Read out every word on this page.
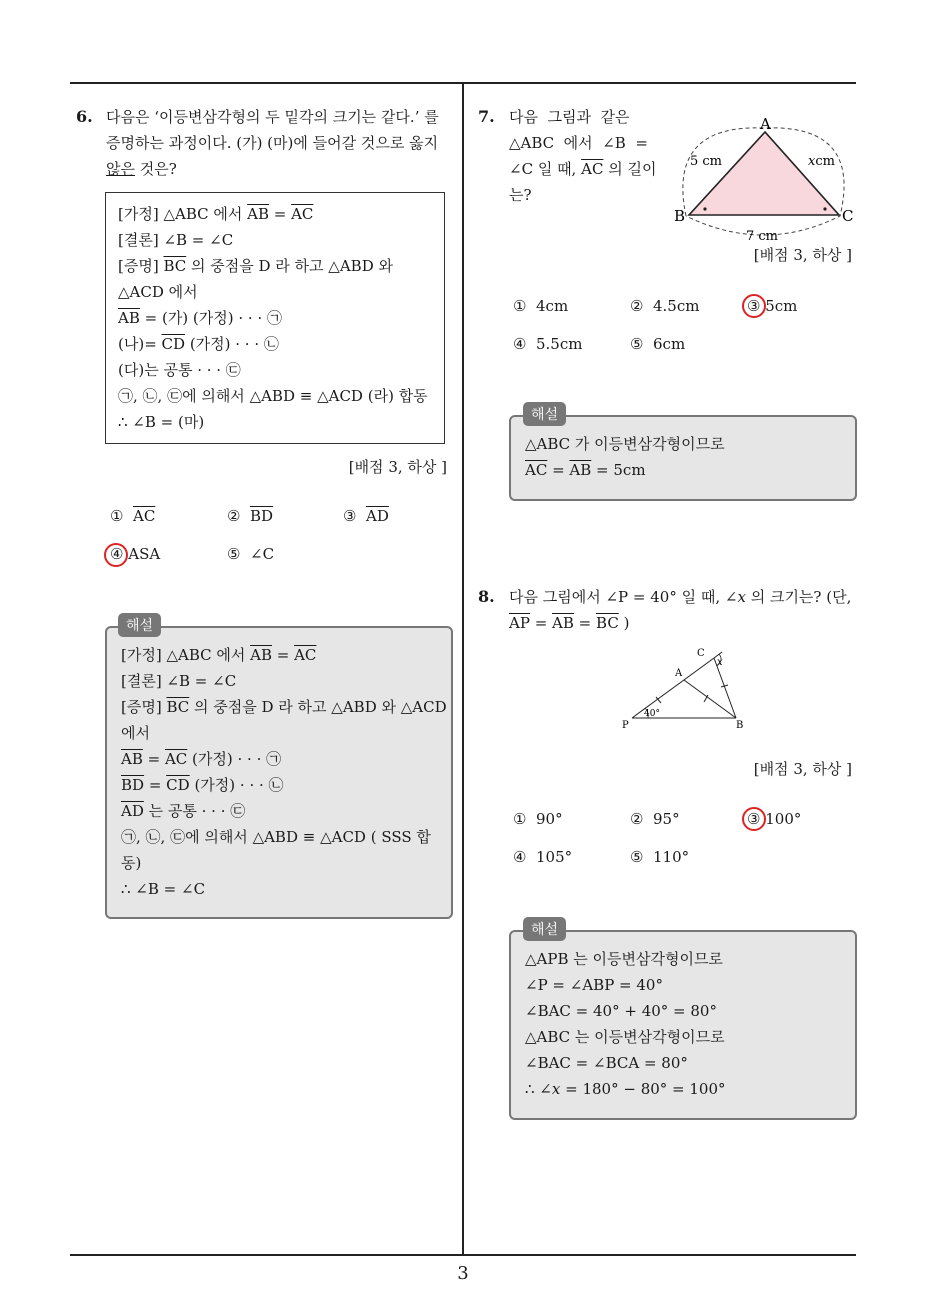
3
6. 다음은 ‘이등변삼각형의 두 밑각의 크기는 같다.’ 를
증명하는 과정이다. (가) (마)에 들어갈 것으로 옳지
않은 것은?
[가정] △ABC 에서 $\overline{AB} = \overline{AC}$
[결론] ∠B = ∠C
[증명] $\overline{BC}$ 의 중점을 D 라 하고 △ABD 와
△ACD 에서
$\overline{AB}$ = (가) (가정) · · · ㉠
(나)= $\overline{CD}$ (가정) · · · ㉡
(다)는 공통 · · · ㉢
㉠, ㉡, ㉢에 의해서 △ABD ≡ △ACD (라) 합동
∴ ∠B = (마)
[배점 3, 하상 ]
① $\overline{AC}$	② $\overline{BD}$	③ $\overline{AD}$
④ ASA	⑤ ∠C
[가정] △ABC 에서 $\overline{AB} = \overline{AC}$
[결론] ∠B = ∠C
[증명] $\overline{BC}$ 의 중점을 D 라 하고 △ABD 와 △ACD
에서
$\overline{AB} = \overline{AC}$ (가정) · · · ㉠
$\overline{BD} = \overline{CD}$ (가정) · · · ㉡
$\overline{AD}$ 는 공통 · · · ㉢
㉠, ㉡, ㉢에 의해서 △ABD ≡ △ACD ( SSS 합
동)
∴ ∠B = ∠C
해설
7. 다음  그림과  같은
△ABC  에서  ∠B  =
∠C 일 때, $\overline{AC}$ 의 길이
는?
A
B	C
5 cm	xcm
7 cm
[배점 3, 하상 ]
① 4cm	② 4.5cm	③ 5cm
④ 5.5cm	⑤ 6cm
△ABC 가 이등변삼각형이므로
$\overline{AC} = \overline{AB} = 5cm$
해설
8. 다음 그림에서 ∠P = 40° 일 때, ∠x 의 크기는? (단,
$\overline{AP} = \overline{AB} = \overline{BC}$ )
P
A
B
C
40°
x
[배점 3, 하상 ]
① 90°	② 95°	③ 100°
④ 105°	⑤ 110°
△APB 는 이등변삼각형이므로
∠P = ∠ABP = 40°
∠BAC = 40° + 40° = 80°
△ABC 는 이등변삼각형이므로
∠BAC = ∠BCA = 80°
∴ ∠x = 180° − 80° = 100°
해설
